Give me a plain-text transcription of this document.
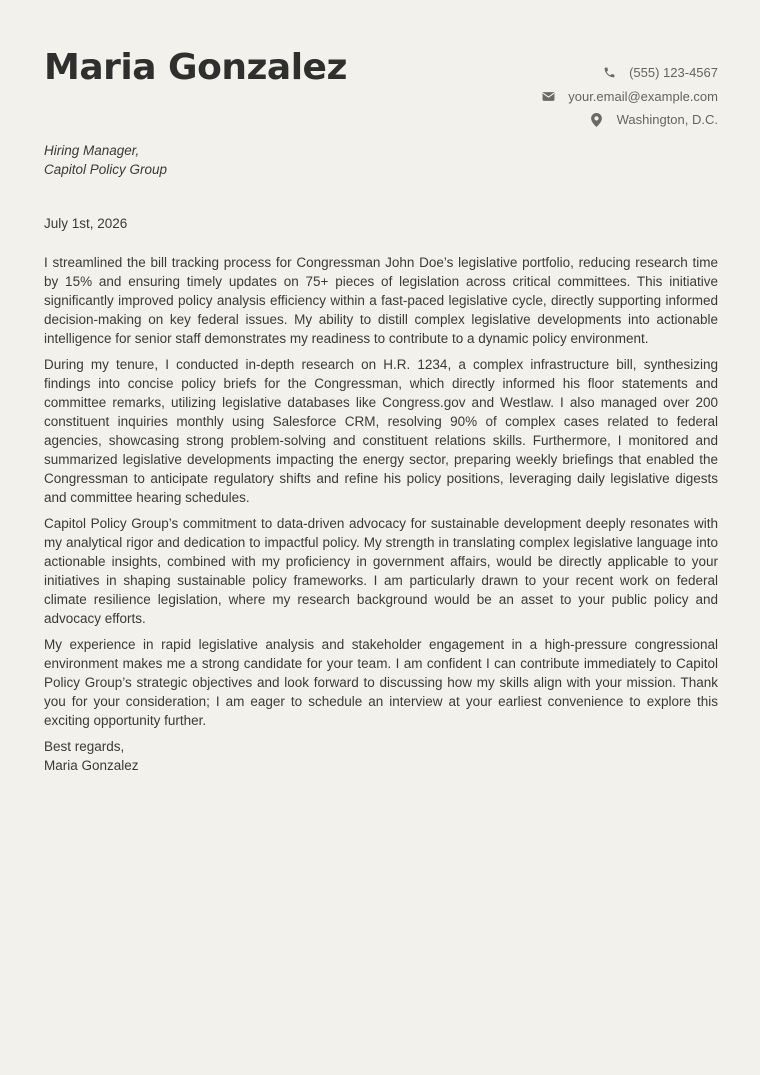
Maria Gonzalez	(555) 123-4567
your.email@example.com
Washington, D.C.
Hiring Manager,
Capitol Policy Group
July 1st, 2026

I streamlined the bill tracking process for Congressman John Doe’s legislative portfolio, reducing research time by 15% and ensuring timely updates on 75+ pieces of legislation across critical committees. This initiative significantly improved policy analysis efficiency within a fast-paced legislative cycle, directly supporting informed decision-making on key federal issues. My ability to distill complex legislative developments into actionable intelligence for senior staff demonstrates my readiness to contribute to a dynamic policy environment.

During my tenure, I conducted in-depth research on H.R. 1234, a complex infrastructure bill, synthesizing findings into concise policy briefs for the Congressman, which directly informed his floor statements and committee remarks, utilizing legislative databases like Congress.gov and Westlaw. I also managed over 200 constituent inquiries monthly using Salesforce CRM, resolving 90% of complex cases related to federal agencies, showcasing strong problem-solving and constituent relations skills. Furthermore, I monitored and summarized legislative developments impacting the energy sector, preparing weekly briefings that enabled the Congressman to anticipate regulatory shifts and refine his policy positions, leveraging daily legislative digests and committee hearing schedules.

Capitol Policy Group’s commitment to data-driven advocacy for sustainable development deeply resonates with my analytical rigor and dedication to impactful policy. My strength in translating complex legislative language into actionable insights, combined with my proficiency in government affairs, would be directly applicable to your initiatives in shaping sustainable policy frameworks. I am particularly drawn to your recent work on federal climate resilience legislation, where my research background would be an asset to your public policy and advocacy efforts.

My experience in rapid legislative analysis and stakeholder engagement in a high-pressure congressional environment makes me a strong candidate for your team. I am confident I can contribute immediately to Capitol Policy Group’s strategic objectives and look forward to discussing how my skills align with your mission. Thank you for your consideration; I am eager to schedule an interview at your earliest convenience to explore this exciting opportunity further.

Best regards,
Maria Gonzalez
